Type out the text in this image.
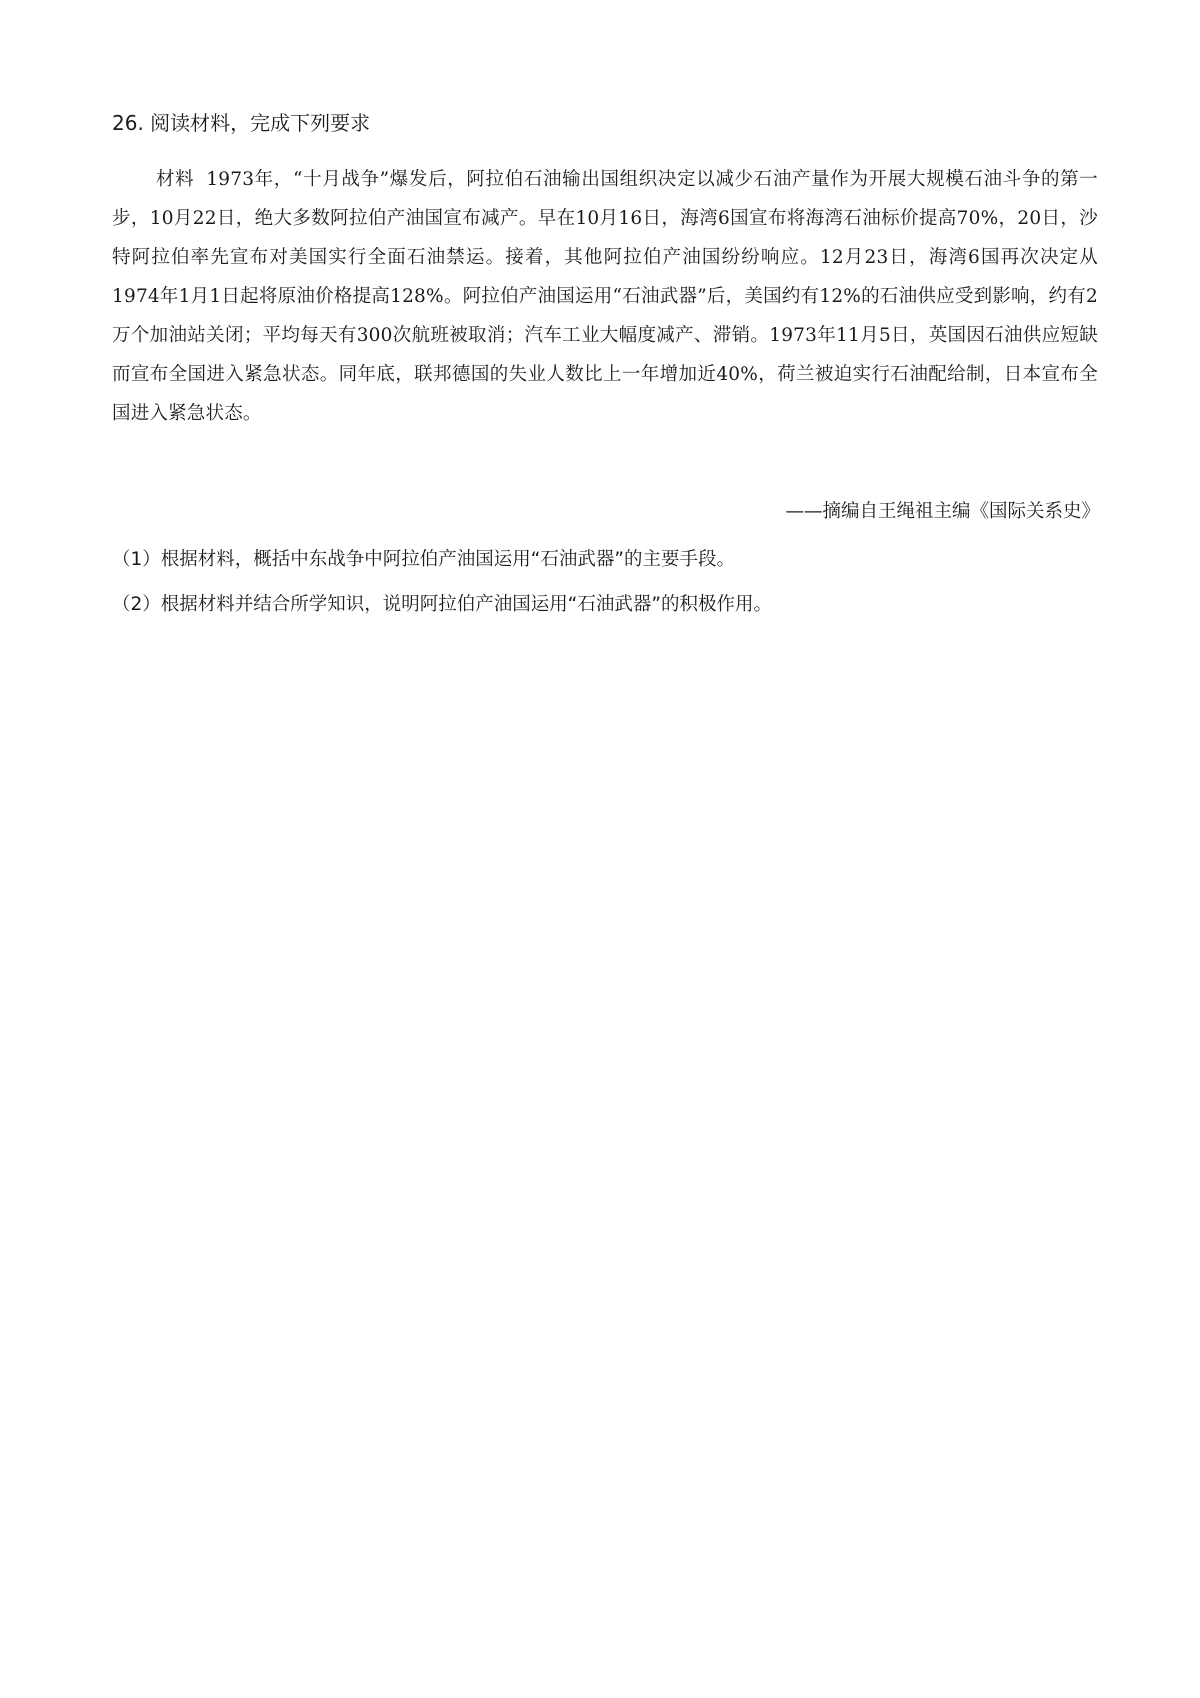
26. 阅读材料，完成下列要求
材料 1973年，“十月战争”爆发后，阿拉伯石油输出国组织决定以减少石油产量作为开展大规模石油斗争的第一步，10月22日，绝大多数阿拉伯产油国宣布减产。早在10月16日，海湾6国宣布将海湾石油标价提高70%，20日，沙特阿拉伯率先宣布对美国实行全面石油禁运。接着，其他阿拉伯产油国纷纷响应。12月23日，海湾6国再次决定从1974年1月1日起将原油价格提高128%。阿拉伯产油国运用“石油武器”后，美国约有12%的石油供应受到影响，约有2万个加油站关闭；平均每天有300次航班被取消；汽车工业大幅度减产、滞销。1973年11月5日，英国因石油供应短缺而宣布全国进入紧急状态。同年底，联邦德国的失业人数比上一年增加近40%，荷兰被迫实行石油配给制，日本宣布全国进入紧急状态。
——摘编自王绳祖主编《国际关系史》
（1）根据材料，概括中东战争中阿拉伯产油国运用“石油武器”的主要手段。
（2）根据材料并结合所学知识，说明阿拉伯产油国运用“石油武器”的积极作用。
